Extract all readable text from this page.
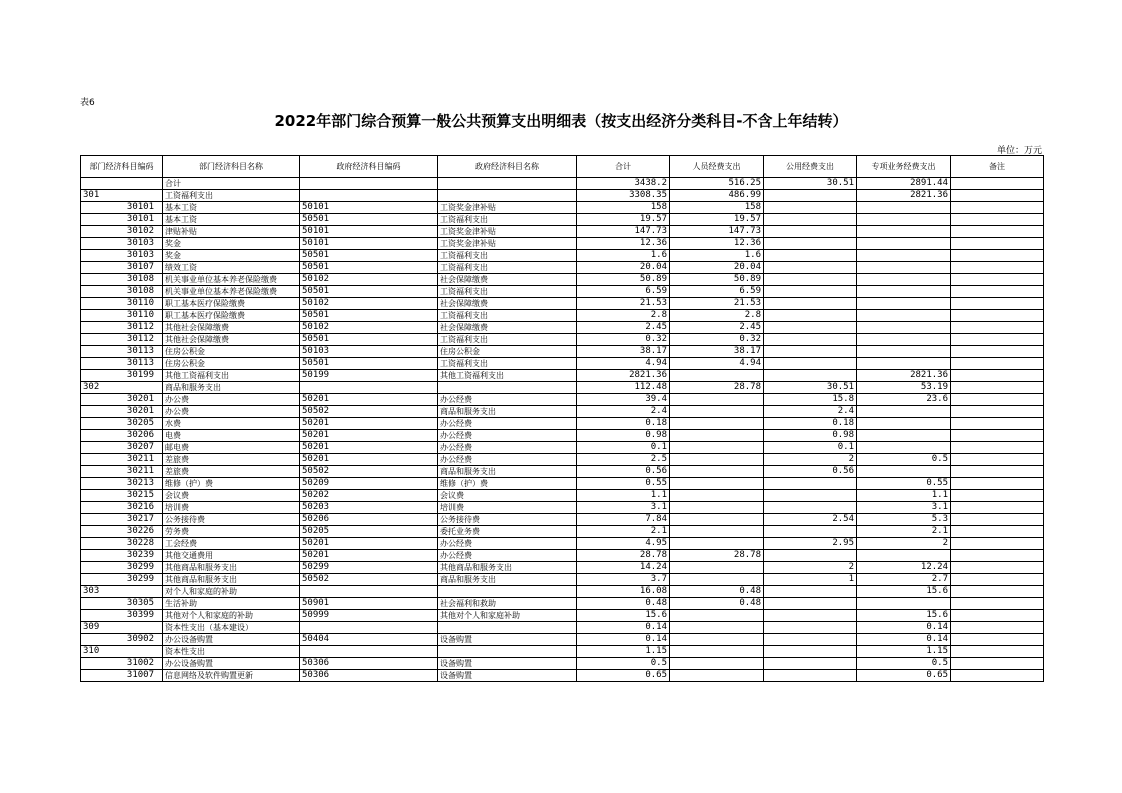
表6
2022年部门综合预算一般公共预算支出明细表（按支出经济分类科目-不含上年结转）
单位：万元
部门经济科目编码	部门经济科目名称	政府经济科目编码	政府经济科目名称	合计	人员经费支出	公用经费支出	专项业务经费支出	备注
	合计			3438.2	516.25	30.51	2891.44	
301	工资福利支出			3308.35	486.99		2821.36	
30101	基本工资	50101	工资奖金津补贴	158	158			
30101	基本工资	50501	工资福利支出	19.57	19.57			
30102	津贴补贴	50101	工资奖金津补贴	147.73	147.73			
30103	奖金	50101	工资奖金津补贴	12.36	12.36			
30103	奖金	50501	工资福利支出	1.6	1.6			
30107	绩效工资	50501	工资福利支出	20.04	20.04			
30108	机关事业单位基本养老保险缴费	50102	社会保障缴费	50.89	50.89			
30108	机关事业单位基本养老保险缴费	50501	工资福利支出	6.59	6.59			
30110	职工基本医疗保险缴费	50102	社会保障缴费	21.53	21.53			
30110	职工基本医疗保险缴费	50501	工资福利支出	2.8	2.8			
30112	其他社会保障缴费	50102	社会保障缴费	2.45	2.45			
30112	其他社会保障缴费	50501	工资福利支出	0.32	0.32			
30113	住房公积金	50103	住房公积金	38.17	38.17			
30113	住房公积金	50501	工资福利支出	4.94	4.94			
30199	其他工资福利支出	50199	其他工资福利支出	2821.36			2821.36	
302	商品和服务支出			112.48	28.78	30.51	53.19	
30201	办公费	50201	办公经费	39.4		15.8	23.6	
30201	办公费	50502	商品和服务支出	2.4		2.4		
30205	水费	50201	办公经费	0.18		0.18		
30206	电费	50201	办公经费	0.98		0.98		
30207	邮电费	50201	办公经费	0.1		0.1		
30211	差旅费	50201	办公经费	2.5		2	0.5	
30211	差旅费	50502	商品和服务支出	0.56		0.56		
30213	维修（护）费	50209	维修（护）费	0.55			0.55	
30215	会议费	50202	会议费	1.1			1.1	
30216	培训费	50203	培训费	3.1			3.1	
30217	公务接待费	50206	公务接待费	7.84		2.54	5.3	
30226	劳务费	50205	委托业务费	2.1			2.1	
30228	工会经费	50201	办公经费	4.95		2.95	2	
30239	其他交通费用	50201	办公经费	28.78	28.78			
30299	其他商品和服务支出	50299	其他商品和服务支出	14.24		2	12.24	
30299	其他商品和服务支出	50502	商品和服务支出	3.7		1	2.7	
303	对个人和家庭的补助			16.08	0.48		15.6	
30305	生活补助	50901	社会福利和救助	0.48	0.48			
30399	其他对个人和家庭的补助	50999	其他对个人和家庭补助	15.6			15.6	
309	资本性支出（基本建设）			0.14			0.14	
30902	办公设备购置	50404	设备购置	0.14			0.14	
310	资本性支出			1.15			1.15	
31002	办公设备购置	50306	设备购置	0.5			0.5	
31007	信息网络及软件购置更新	50306	设备购置	0.65			0.65	
